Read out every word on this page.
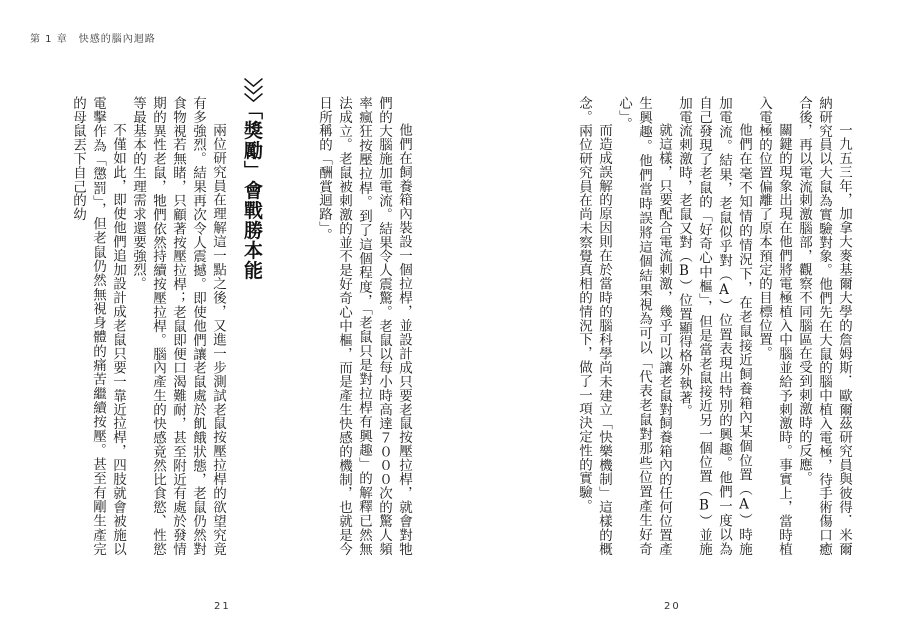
第 1 章　快感的腦內迴路
他們在飼養箱內裝設一個拉桿，並設計成只要老鼠按壓拉桿，就會對牠們的大腦施加電流。結果令人震驚。老鼠以每小時高達７０００次的驚人頻率瘋狂按壓拉桿。到了這個程度，「老鼠只是對拉桿有興趣」的解釋已然無法成立。老鼠被刺激的並不是好奇心中樞，而是產生快感的機制，也就是今日所稱的「酬賞迴路」。
〉〉〉「獎勵」會戰勝本能
兩位研究員在理解這一點之後，又進一步測試老鼠按壓拉桿的欲望究竟有多強烈。結果再次令人震撼。即使他們讓老鼠處於飢餓狀態，老鼠仍然對食物視若無睹，只顧著按壓拉桿；老鼠即便口渴難耐，甚至附近有處於發情期的異性老鼠，牠們依然持續按壓拉桿。腦內產生的快感竟然比食慾、性慾等最基本的生理需求還要強烈。
不僅如此，即使他們追加設計成老鼠只要一靠近拉桿，四肢就會被施以電擊作為「懲罰」，但老鼠仍然無視身體的痛苦繼續按壓。甚至有剛生產完的母鼠丟下自己的幼
21
一九五三年，加拿大麥基爾大學的詹姆斯．歐爾茲研究員與彼得．米爾納研究員以大鼠為實驗對象。他們先在大鼠的腦中植入電極，待手術傷口癒合後，再以電流刺激腦部，觀察不同腦區在受到刺激時的反應。
關鍵的現象出現在他們將電極植入中腦並給予刺激時。事實上，當時植入電極的位置偏離了原本預定的目標位置。
他們在毫不知情的情況下，在老鼠接近飼養箱內某個位置（A）時施加電流。結果，老鼠似乎對（A）位置表現出特別的興趣。他們一度以為自己發現了老鼠的「好奇心中樞」，但是當老鼠接近另一個位置（B）並施加電流刺激時，老鼠又對（B）位置顯得格外執著。
就這樣，只要配合電流刺激，幾乎可以讓老鼠對飼養箱內的任何位置產生興趣。他們當時誤將這個結果視為可以「代表老鼠對那些位置產生好奇心」。
而造成誤解的原因則在於當時的腦科學尚未建立「快樂機制」這樣的概念。兩位研究員在尚未察覺真相的情況下，做了一項決定性的實驗。
20
